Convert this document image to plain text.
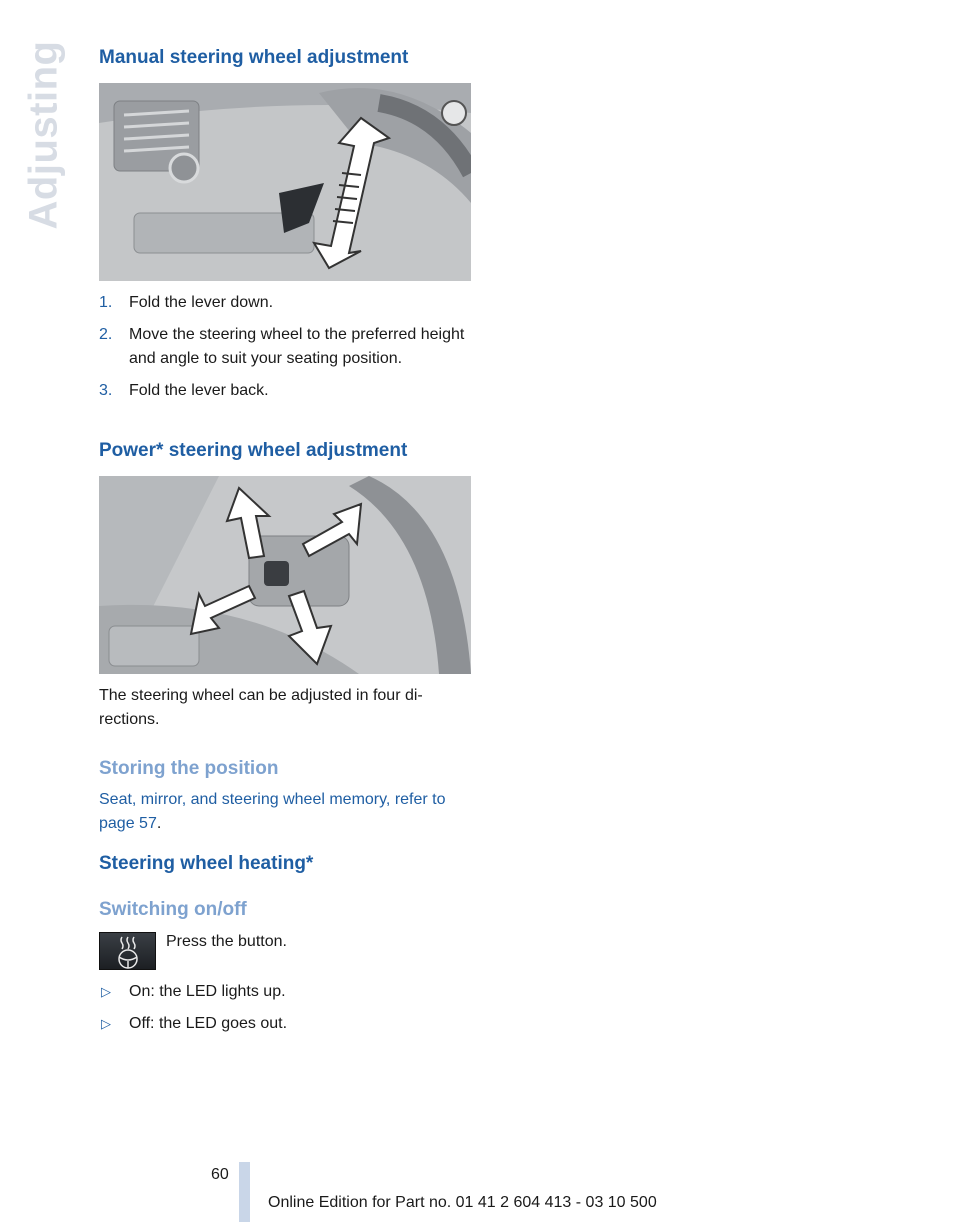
Adjusting Manual steering wheel adjustment
1. Fold the lever down.
2. Move the steering wheel to the preferred height and angle to suit your seating position.
3. Fold the lever back.
Power* steering wheel adjustment

The steering wheel can be adjusted in four directions.

Storing the position

Seat, mirror, and steering wheel memory, refer to page 57.

Steering wheel heating*
Switching on/off

Press the button.

▷ On: the LED lights up.
▷ Off: the LED goes out.
60
Online Edition for Part no. 01 41 2 604 413 - 03 10 500
